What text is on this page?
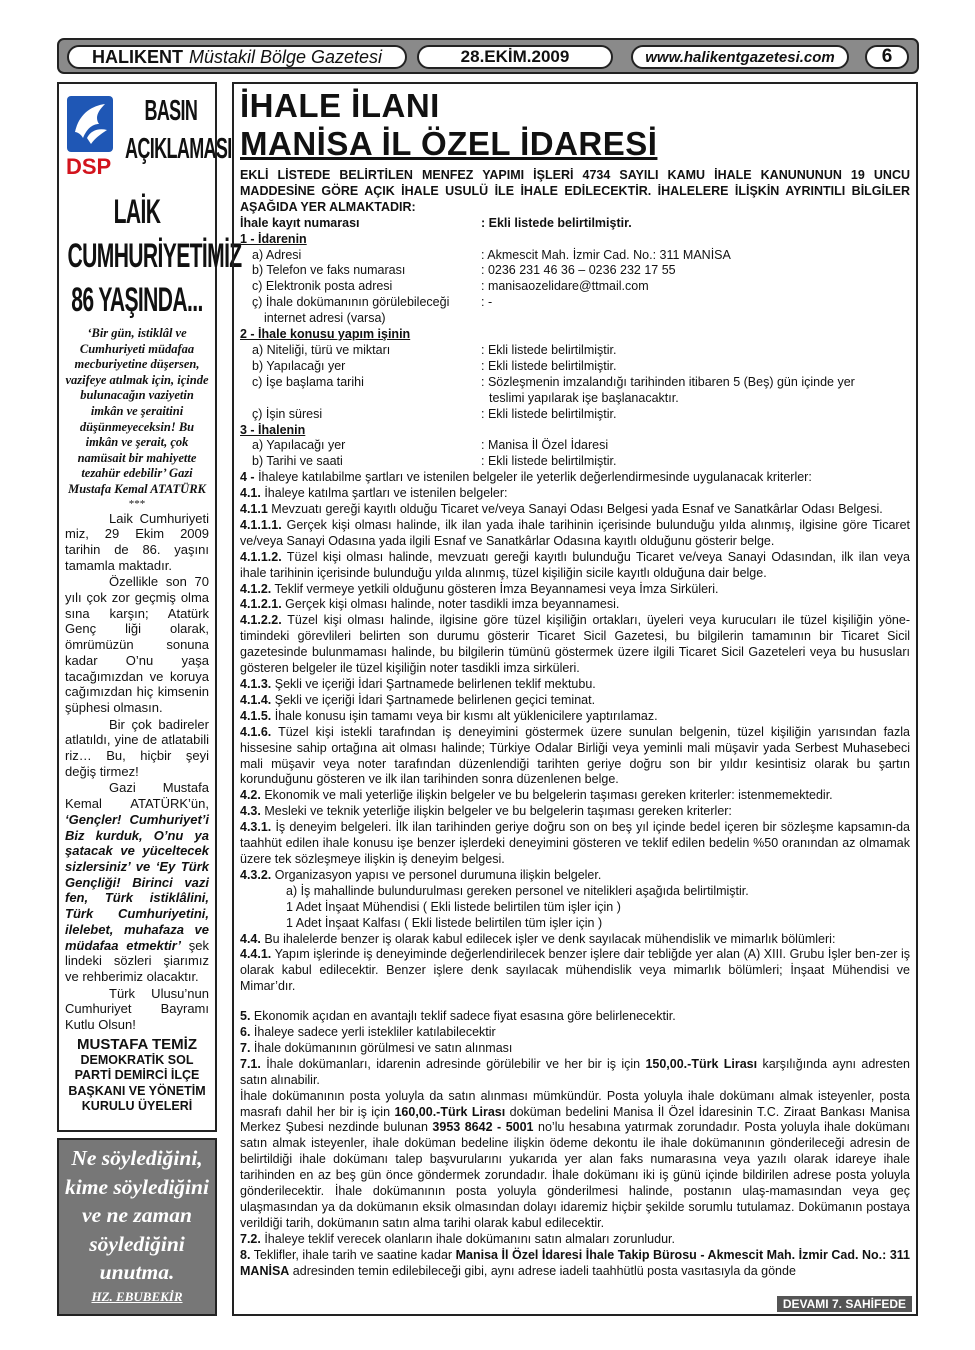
HALIKENT Müstakil Bölge Gazetesi	28.EKİM.2009	www.halikentgazetesi.com	6
DSP
BASIN
AÇIKLAMASI
LAİK
CUMHURİYETİMİZ
86 YAŞINDA...
‘Bir gün, istiklâl ve Cumhuriyeti müdafaa mecburiyetine düşersen, vazifeye atılmak için, içinde bulunacağın vaziyetin imkân ve şeraitini düşünmeyeceksin! Bu imkân ve şerait, çok namüsait bir mahiyette tezahür edebilir’ Gazi Mustafa Kemal ATATÜRK
***
Laik Cumhuriyeti miz, 29 Ekim 2009 tarihin de 86. yaşını tamamla maktadır.
Özellikle son 70 yılı çok zor geçmiş olma sına karşın; Atatürk Genç liği olarak, ömrümüzün sonuna kadar O’nu yaşa tacağımızdan ve koruya cağımızdan hiç kimsenin şüphesi olmasın.
Bir çok badireler atlatıldı, yine de atlatabili riz… Bu, hiçbir şeyi değiş tirmez!
Gazi Mustafa Kemal ATATÜRK’ün, ‘Gençler! Cumhuriyet’i Biz kurduk, O’nu ya şatacak ve yüceltecek sizlersiniz’ ve ‘Ey Türk Gençliği! Birinci vazi fen, Türk istiklâlini, Türk Cumhuriyetini, ilelebet, muhafaza ve müdafaa etmektir’ şek lindeki sözleri şiarımız ve rehberimiz olacaktır.
Türk Ulusu’nun Cumhuriyet Bayramı Kutlu Olsun!
MUSTAFA TEMİZ
DEMOKRATİK SOL PARTİ DEMİRCİ İLÇE BAŞKANI VE YÖNETİM KURULU ÜYELERİ
Ne söylediğini, kime söylediğini ve ne zaman söylediğini unutma.
HZ. EBUBEKİR
İHALE İLANI
MANİSA İL ÖZEL İDARESİ
EKLİ LİSTEDE BELİRTİLEN MENFEZ YAPIMI İŞLERİ 4734 SAYILI KAMU İHALE KANUNUNUN 19 UNCU MADDESİNE GÖRE AÇIK İHALE USULÜ İLE İHALE EDİLECEKTİR. İHALELERE İLİŞKİN AYRINTILI BİLGİLER AŞAĞIDA YER ALMAKTADIR:
İhale kayıt numarası	: Ekli listede belirtilmiştir.
1 - İdarenin
a) Adresi	: Akmescit Mah. İzmir Cad. No.: 311 MANİSA
b) Telefon ve faks numarası	: 0236 231 46 36 – 0236 232 17 55
c) Elektronik posta adresi	: manisaozelidare@ttmail.com
ç) İhale dokümanının görülebileceği	: -
internet adresi (varsa)
2 - İhale konusu yapım işinin
a) Niteliği, türü ve miktarı	: Ekli listede belirtilmiştir.
b) Yapılacağı yer	: Ekli listede belirtilmiştir.
c) İşe başlama tarihi	: Sözleşmenin imzalandığı tarihinden itibaren 5 (Beş) gün içinde yer
teslimi yapılarak işe başlanacaktır.
ç) İşin süresi	: Ekli listede belirtilmiştir.
3 - İhalenin
a) Yapılacağı yer	: Manisa İl Özel İdaresi
b) Tarihi ve saati	: Ekli listede belirtilmiştir.
4 - İhaleye katılabilme şartları ve istenilen belgeler ile yeterlik değerlendirmesinde uygulanacak kriterler:
4.1. İhaleye katılma şartları ve istenilen belgeler:
4.1.1 Mevzuatı gereği kayıtlı olduğu Ticaret ve/veya Sanayi Odası Belgesi yada Esnaf ve Sanatkârlar Odası Belgesi.
4.1.1.1. Gerçek kişi olması halinde, ilk ilan yada ihale tarihinin içerisinde bulunduğu yılda alınmış, ilgisine göre Ticaret ve/veya Sanayi Odasına yada ilgili Esnaf ve Sanatkârlar Odasına kayıtlı olduğunu gösterir belge.
4.1.1.2. Tüzel kişi olması halinde, mevzuatı gereği kayıtlı bulunduğu Ticaret ve/veya Sanayi Odasından, ilk ilan veya ihale tarihinin içerisinde bulunduğu yılda alınmış, tüzel kişiliğin sicile kayıtlı olduğuna dair belge.
4.1.2. Teklif vermeye yetkili olduğunu gösteren İmza Beyannamesi veya İmza Sirküleri.
4.1.2.1. Gerçek kişi olması halinde, noter tasdikli imza beyannamesi.
4.1.2.2. Tüzel kişi olması halinde, ilgisine göre tüzel kişiliğin ortakları, üyeleri veya kurucuları ile tüzel kişiliğin yöne-timindeki görevlileri belirten son durumu gösterir Ticaret Sicil Gazetesi, bu bilgilerin tamamının bir Ticaret Sicil gazetesinde bulunmaması halinde, bu bilgilerin tümünü göstermek üzere ilgili Ticaret Sicil Gazeteleri veya bu hususları gösteren belgeler ile tüzel kişiliğin noter tasdikli imza sirküleri.
4.1.3. Şekli ve içeriği İdari Şartnamede belirlenen teklif mektubu.
4.1.4. Şekli ve içeriği İdari Şartnamede belirlenen geçici teminat.
4.1.5. İhale konusu işin tamamı veya bir kısmı alt yüklenicilere yaptırılamaz.
4.1.6. Tüzel kişi istekli tarafından iş deneyimini göstermek üzere sunulan belgenin, tüzel kişiliğin yarısından fazla hissesine sahip ortağına ait olması halinde; Türkiye Odalar Birliği veya yeminli mali müşavir yada Serbest Muhasebeci mali müşavir veya noter tarafından düzenlendiği tarihten geriye doğru son bir yıldır kesintisiz olarak bu şartın korunduğunu gösteren ve ilk ilan tarihinden sonra düzenlenen belge.
4.2. Ekonomik ve mali yeterliğe ilişkin belgeler ve bu belgelerin taşıması gereken kriterler: istenmemektedir.
4.3. Mesleki ve teknik yeterliğe ilişkin belgeler ve bu belgelerin taşıması gereken kriterler:
4.3.1. İş deneyim belgeleri. İlk ilan tarihinden geriye doğru son on beş yıl içinde bedel içeren bir sözleşme kapsamın-da taahhüt edilen ihale konusu işe benzer işlerdeki deneyimini gösteren ve teklif edilen bedelin %50 oranından az olmamak üzere tek sözleşmeye ilişkin iş deneyim belgesi.
4.3.2. Organizasyon yapısı ve personel durumuna ilişkin belgeler.
a) İş mahallinde bulundurulması gereken personel ve nitelikleri aşağıda belirtilmiştir.
1 Adet İnşaat Mühendisi ( Ekli listede belirtilen tüm işler için )
1 Adet İnşaat Kalfası ( Ekli listede belirtilen tüm işler için )
4.4. Bu ihalelerde benzer iş olarak kabul edilecek işler ve denk sayılacak mühendislik ve mimarlık bölümleri:
4.4.1. Yapım işlerinde iş deneyiminde değerlendirilecek benzer işlere dair tebliğde yer alan (A) XIII. Grubu İşler ben-zer iş olarak kabul edilecektir. Benzer işlere denk sayılacak mühendislik veya mimarlık bölümleri; İnşaat Mühendisi ve Mimar’dır.
5. Ekonomik açıdan en avantajlı teklif sadece fiyat esasına göre belirlenecektir.
6. İhaleye sadece yerli istekliler katılabilecektir
7. İhale dokümanının görülmesi ve satın alınması
7.1. İhale dokümanları, idarenin adresinde görülebilir ve her bir iş için 150,00.-Türk Lirası karşılığında aynı adresten satın alınabilir.
İhale dokümanının posta yoluyla da satın alınması mümkündür. Posta yoluyla ihale dokümanı almak isteyenler, posta masrafı dahil her bir iş için 160,00.-Türk Lirası doküman bedelini Manisa İl Özel İdaresinin T.C. Ziraat Bankası Manisa Merkez Şubesi nezdinde bulunan 3953 8642 - 5001 no’lu hesabına yatırmak zorundadır. Posta yoluyla ihale dokümanı satın almak isteyenler, ihale doküman bedeline ilişkin ödeme dekontu ile ihale dokümanının gönderileceği adresin de belirtildiği ihale dokümanı talep başvurularını yukarıda yer alan faks numarasına veya yazılı olarak idareye ihale tarihinden en az beş gün önce göndermek zorundadır. İhale dokümanı iki iş günü içinde bildirilen adrese posta yoluyla gönderilecektir. İhale dokümanının posta yoluyla gönderilmesi halinde, postanın ulaş-mamasından veya geç ulaşmasından ya da dokümanın eksik olmasından dolayı idaremiz hiçbir şekilde sorumlu tutulamaz. Dokümanın postaya verildiği tarih, dokümanın satın alma tarihi olarak kabul edilecektir.
7.2. İhaleye teklif verecek olanların ihale dokümanını satın almaları zorunludur.
8. Teklifler, ihale tarih ve saatine kadar Manisa İl Özel İdaresi İhale Takip Bürosu - Akmescit Mah. İzmir Cad. No.: 311 MANİSA adresinden temin edilebileceği gibi, aynı adrese iadeli taahhütlü posta vasıtasıyla da gönde
DEVAMI 7. SAHİFEDE
